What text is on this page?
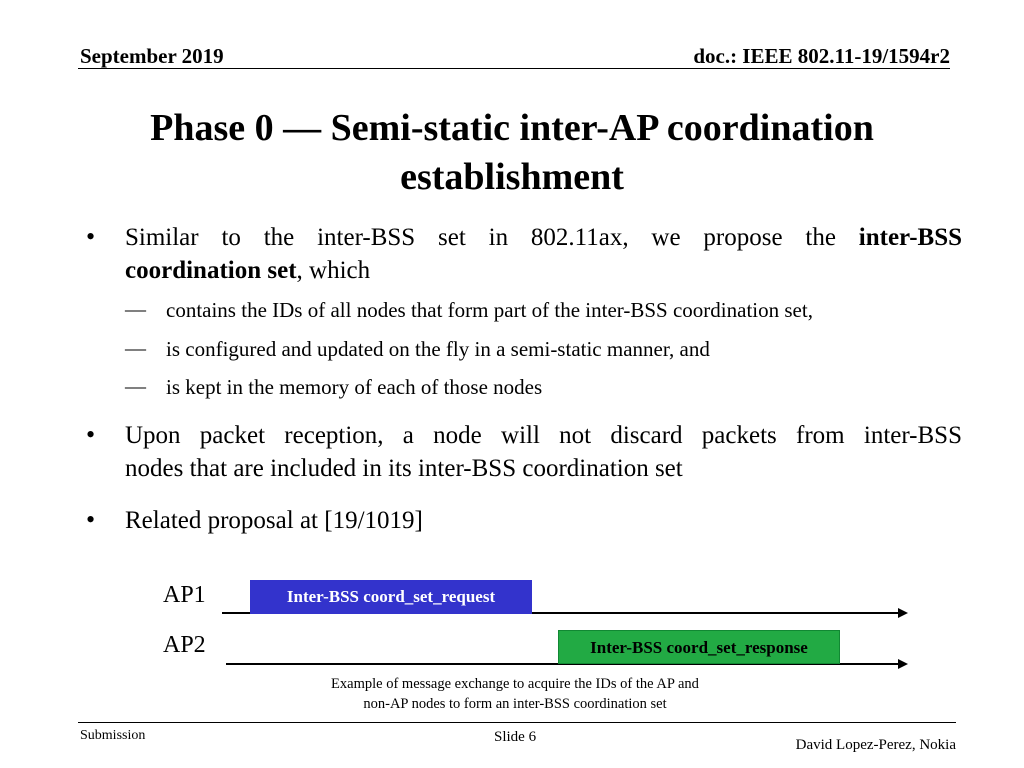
September 2019	doc.: IEEE 802.11-19/1594r2
Phase 0 — Semi-static inter-AP coordination
establishment
• Similar to the inter-BSS set in 802.11ax, we propose the inter-BSS
coordination set, which
— contains the IDs of all nodes that form part of the inter-BSS coordination set,
— is configured and updated on the fly in a semi-static manner, and
— is kept in the memory of each of those nodes
• Upon packet reception, a node will not discard packets from inter-BSS
nodes that are included in its inter-BSS coordination set
• Related proposal at [19/1019]
AP1	Inter-BSS coord_set_request
AP2	Inter-BSS coord_set_response
Example of message exchange to acquire the IDs of the AP and
non-AP nodes to form an inter-BSS coordination set
Submission	Slide 6	David Lopez-Perez, Nokia
